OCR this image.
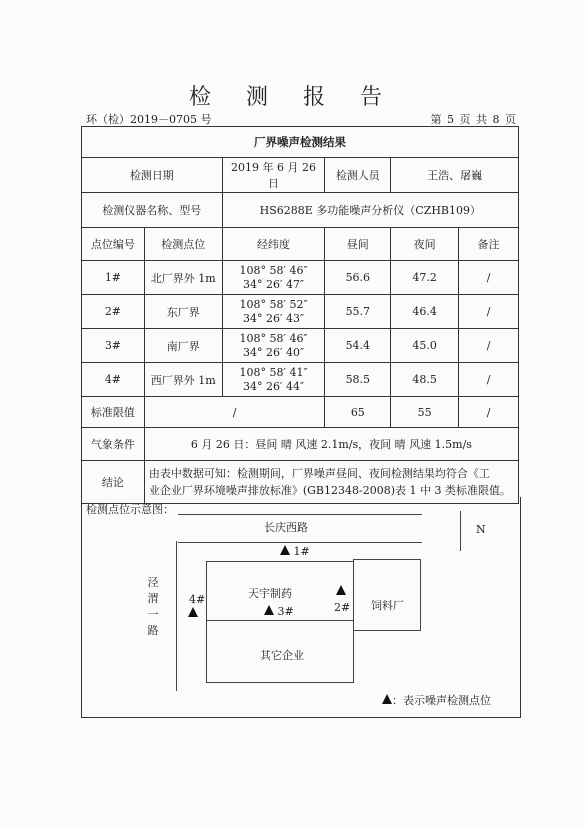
检 测 报 告
环（检）2019－0705 号	第 5 页 共 8 页
厂界噪声检测结果					
检测日期		2019 年 6 月 26 日	检测人员	王浩、屠巍	
检测仪器名称、型号		HS6288E 多功能噪声分析仪（CZHB109）			
点位编号	检测点位	经纬度	昼间	夜间	备注
1#	北厂界外 1m	108° 58′ 46″
34° 26′ 47″	56.6	47.2	/
2#	东厂界	108° 58′ 52″
34° 26′ 43″	55.7	46.4	/
3#	南厂界	108° 58′ 46″
34° 26′ 40″	54.4	45.0	/
4#	西厂界外 1m	108° 58′ 41″
34° 26′ 44″	58.5	48.5	/
标准限值	/		65	55	/
气象条件	6 月 26 日：昼间 晴 风速 2.1m/s，夜间 晴 风速 1.5m/s				
结论	由表中数据可知：检测期间，厂界噪声昼间、夜间检测结果均符合《工
业企业厂界环境噪声排放标准》(GB12348-2008)表 1 中 3 类标准限值。				
检测点位示意图：
长庆西路	N
泾
渭
一
路
1#
天宇制药
4#
3#	2# 饲料厂
其它企业
：表示噪声检测点位
